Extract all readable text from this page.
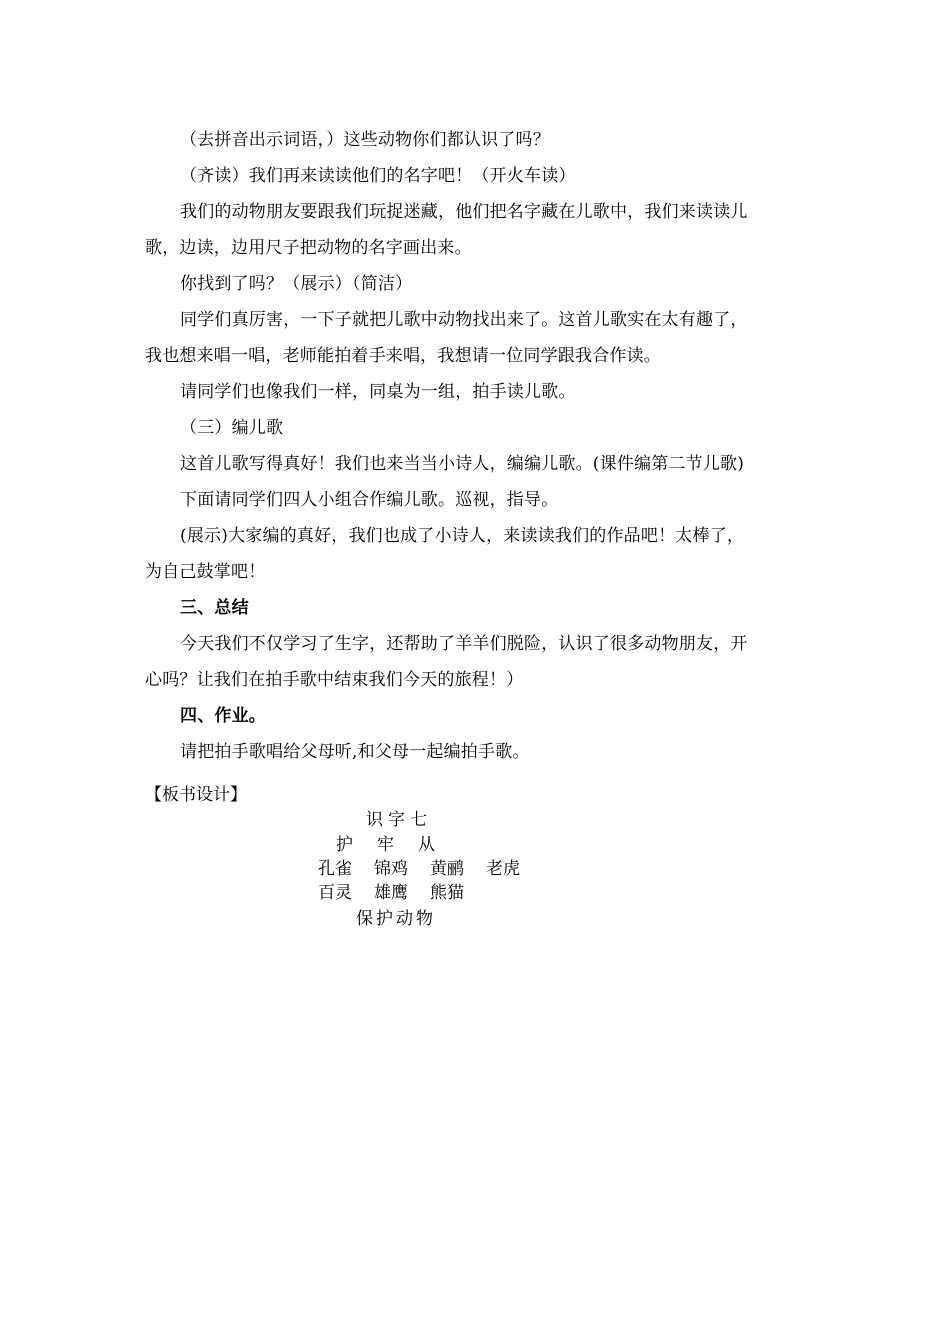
（去拼音出示词语，）这些动物你们都认识了吗？

（齐读）我们再来读读他们的名字吧！（开火车读）

我们的动物朋友要跟我们玩捉迷藏，他们把名字藏在儿歌中，我们来读读儿

歌，边读，边用尺子把动物的名字画出来。

你找到了吗？（展示）（简洁）

同学们真厉害，一下子就把儿歌中动物找出来了。这首儿歌实在太有趣了，

我也想来唱一唱，老师能拍着手来唱，我想请一位同学跟我合作读。

请同学们也像我们一样，同桌为一组，拍手读儿歌。

（三）编儿歌

这首儿歌写得真好！我们也来当当小诗人，编编儿歌。(课件编第二节儿歌)

下面请同学们四人小组合作编儿歌。巡视，指导。

(展示)大家编的真好，我们也成了小诗人，来读读我们的作品吧！太棒了，

为自己鼓掌吧！

三、总结

今天我们不仅学习了生字，还帮助了羊羊们脱险，认识了很多动物朋友，开

心吗？让我们在拍手歌中结束我们今天的旅程！）

四、作业。

请把拍手歌唱给父母听,和父母一起编拍手歌。

【板书设计】
识字七
护 牢 从
孔雀 锦鸡 黄鹂 老虎
百灵 雄鹰 熊猫
保护动物
